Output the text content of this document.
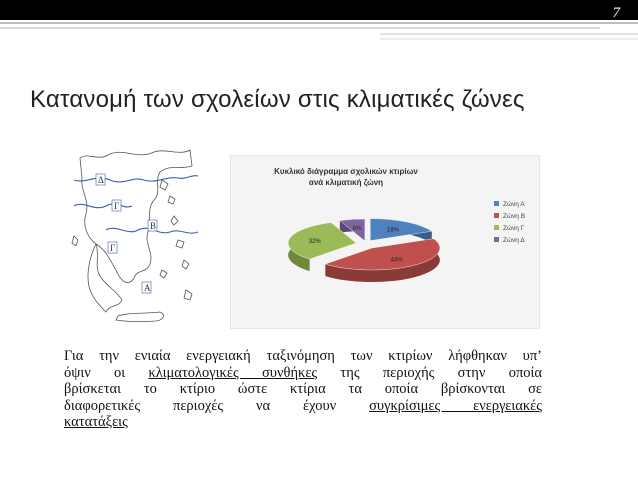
7
Κατανομή των σχολείων στις κλιματικές ζώνες
Δ
Γ
Β
Γ
Α
Κυκλικό διάγραμμα σχολικών κτιρίων
ανά κλιματική ζώνη
18%
44%
32%
6%
Ζώνη Α
Ζώνη Β
Ζώνη Γ
Ζώνη Δ
Για την ενιαία ενεργειακή ταξινόμηση των κτιρίων λήφθηκαν υπ’
όψιν οι κλιματολογικές συνθήκες της περιοχής στην οποία
βρίσκεται το κτίριο ώστε κτίρια τα οποία βρίσκονται σε
διαφορετικές περιοχές να έχουν συγκρίσιμες ενεργειακές
κατατάξεις
